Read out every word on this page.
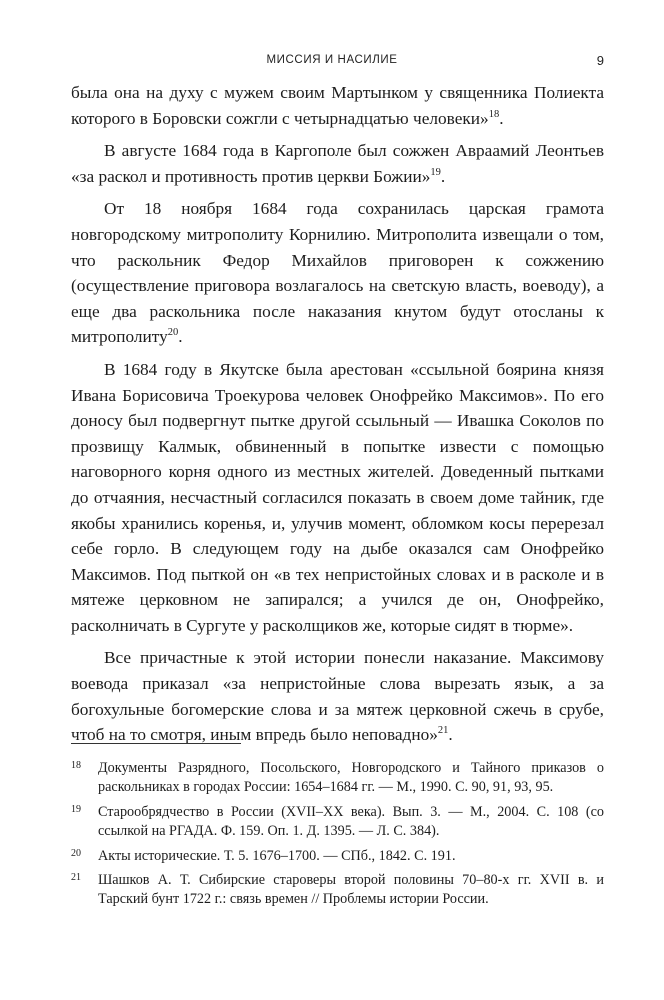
МИССИЯ И НАСИЛИЕ	9

была она на духу с мужем своим Мартынком у священника Полиекта которого в Боровски сожгли с четырнадцатью человеки»$^{18}$.

В августе 1684 года в Каргополе был сожжен Авраамий Леонтьев «за раскол и противность против церкви Божии»$^{19}$.

От 18 ноября 1684 года сохранилась царская грамота новгородскому митрополиту Корнилию. Митрополита извещали о том, что раскольник Федор Михайлов приговорен к сожжению (осуществление приговора возлагалось на светскую власть, воеводу), а еще два раскольника после наказания кнутом будут отосланы к митрополиту$^{20}$.

В 1684 году в Якутске была арестован «ссыльной боярина князя Ивана Борисовича Троекурова человек Онофрейко Максимов». По его доносу был подвергнут пытке другой ссыльный — Ивашка Соколов по прозвищу Калмык, обвиненный в попытке извести с помощью наговорного корня одного из местных жителей. Доведенный пытками до отчаяния, несчастный согласился показать в своем доме тайник, где якобы хранились коренья, и, улучив момент, обломком косы перерезал себе горло. В следующем году на дыбе оказался сам Онофрейко Максимов. Под пыткой он «в тех непристойных словах и в расколе и в мятеже церковном не запирался; а учился де он, Онофрейко, расколничать в Сургуте у расколщиков же, которые сидят в тюрме».

Все причастные к этой истории понесли наказание. Максимову воевода приказал «за непристойные слова вырезать язык, а за богохульные богомерские слова и за мятеж церковной сжечь в срубе, чтоб на то смотря, иным впредь было неповадно»$^{21}$.

18 Документы Разрядного, Посольского, Новгородского и Тайного приказов о раскольниках в городах России: 1654–1684 гг. — М., 1990. С. 90, 91, 93, 95.
19 Старообрядчество в России (XVII–XX века). Вып. 3. — М., 2004. С. 108 (со ссылкой на РГАДА. Ф. 159. Оп. 1. Д. 1395. — Л. С. 384).
20 Акты исторические. Т. 5. 1676–1700. — СПб., 1842. С. 191.
21 Шашков А. Т. Сибирские староверы второй половины 70–80-х гг. XVII в. и Тарский бунт 1722 г.: связь времен // Проблемы истории России.
